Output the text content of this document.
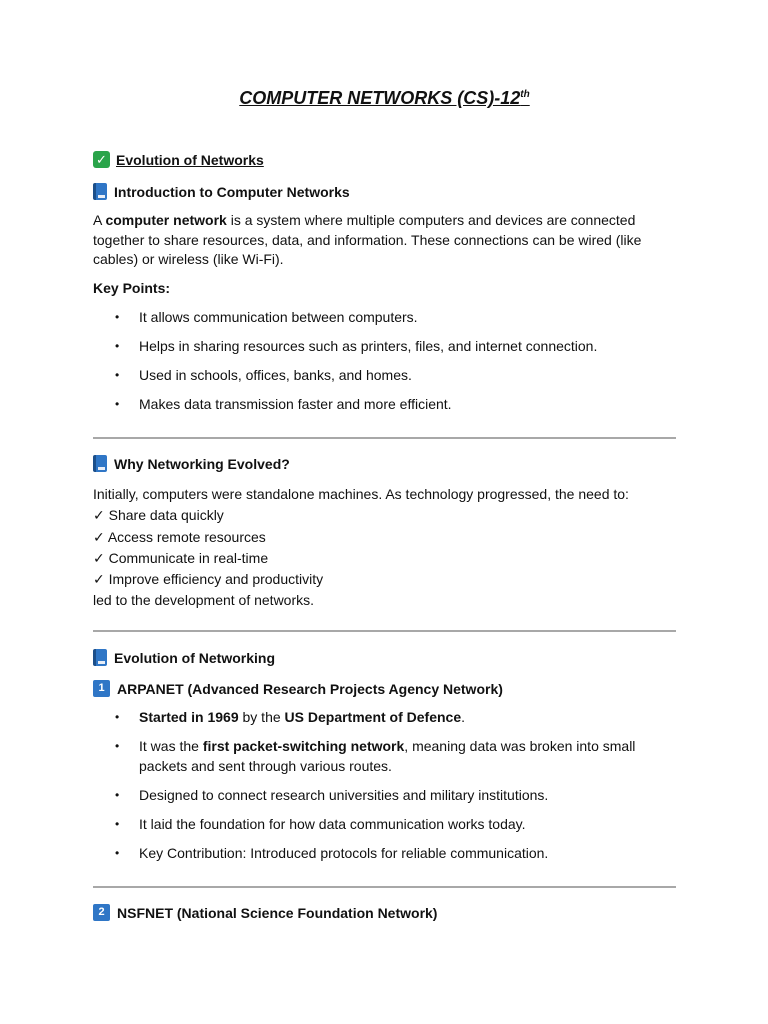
COMPUTER NETWORKS (CS)-12th
✓ Evolution of Networks
Introduction to Computer Networks
A computer network is a system where multiple computers and devices are connected together to share resources, data, and information. These connections can be wired (like cables) or wireless (like Wi-Fi).
Key Points:
• It allows communication between computers.
• Helps in sharing resources such as printers, files, and internet connection.
• Used in schools, offices, banks, and homes.
• Makes data transmission faster and more efficient.
Why Networking Evolved?
Initially, computers were standalone machines. As technology progressed, the need to:
✓ Share data quickly
✓ Access remote resources
✓ Communicate in real-time
✓ Improve efficiency and productivity
led to the development of networks.
Evolution of Networking
1 ARPANET (Advanced Research Projects Agency Network)
• Started in 1969 by the US Department of Defence.
• It was the first packet-switching network, meaning data was broken into small packets and sent through various routes.
• Designed to connect research universities and military institutions.
• It laid the foundation for how data communication works today.
• Key Contribution: Introduced protocols for reliable communication.
2 NSFNET (National Science Foundation Network)
